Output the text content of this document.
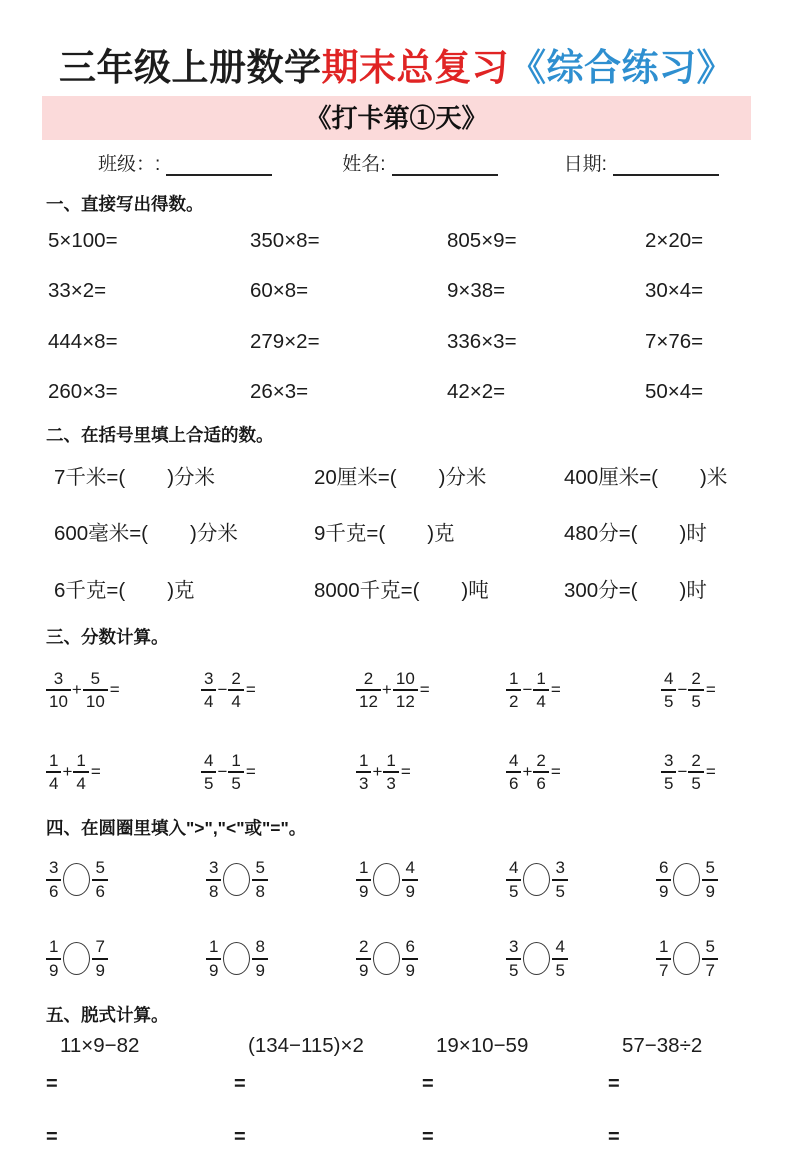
三年级上册数学期末总复习《综合练习》
《打卡第①天》
班级：:	姓名:	日期:
一、直接写出得数。
5×100=	350×8=	805×9=	2×20=
33×2=	60×8=	9×38=	30×4=
444×8=	279×2=	336×3=	7×76=
260×3=	26×3=	42×2=	50×4=
二、在括号里填上合适的数。
7千米=( )分米	20厘米=( )分米	400厘米=( )米
600毫米=( )分米	9千克=( )克	480分=( )时
6千克=( )克	8000千克=( )吨	300分=( )时
三、分数计算。
$\frac{3}{10} + \frac{5}{10}$ =	$\frac{3}{4} - \frac{2}{4}$ =	$\frac{2}{12} + \frac{10}{12}$ =	$\frac{1}{2} - \frac{1}{4}$ =	$\frac{4}{5} - \frac{2}{5}$ =
$\frac{1}{4} + \frac{1}{4}$ =	$\frac{4}{5} - \frac{1}{5}$ =	$\frac{1}{3} + \frac{1}{3}$ =	$\frac{4}{6} + \frac{2}{6}$ =	$\frac{3}{5} - \frac{2}{5}$ =
四、在圆圈里填入">","<"或"="。
$\frac{3}{6} \frac{5}{6}$	$\frac{3}{8} \frac{5}{8}$	$\frac{1}{9} \frac{4}{9}$	$\frac{4}{5} \frac{3}{5}$	$\frac{6}{9} \frac{5}{9}$
$\frac{1}{9} \frac{7}{9}$	$\frac{1}{9} \frac{8}{9}$	$\frac{2}{9} \frac{6}{9}$	$\frac{3}{5} \frac{4}{5}$	$\frac{1}{7} \frac{5}{7}$
五、脱式计算。
11×9−82	(134−115)×2	19×10−59	57−38÷2
=	=	=	=
=	=	=	=
